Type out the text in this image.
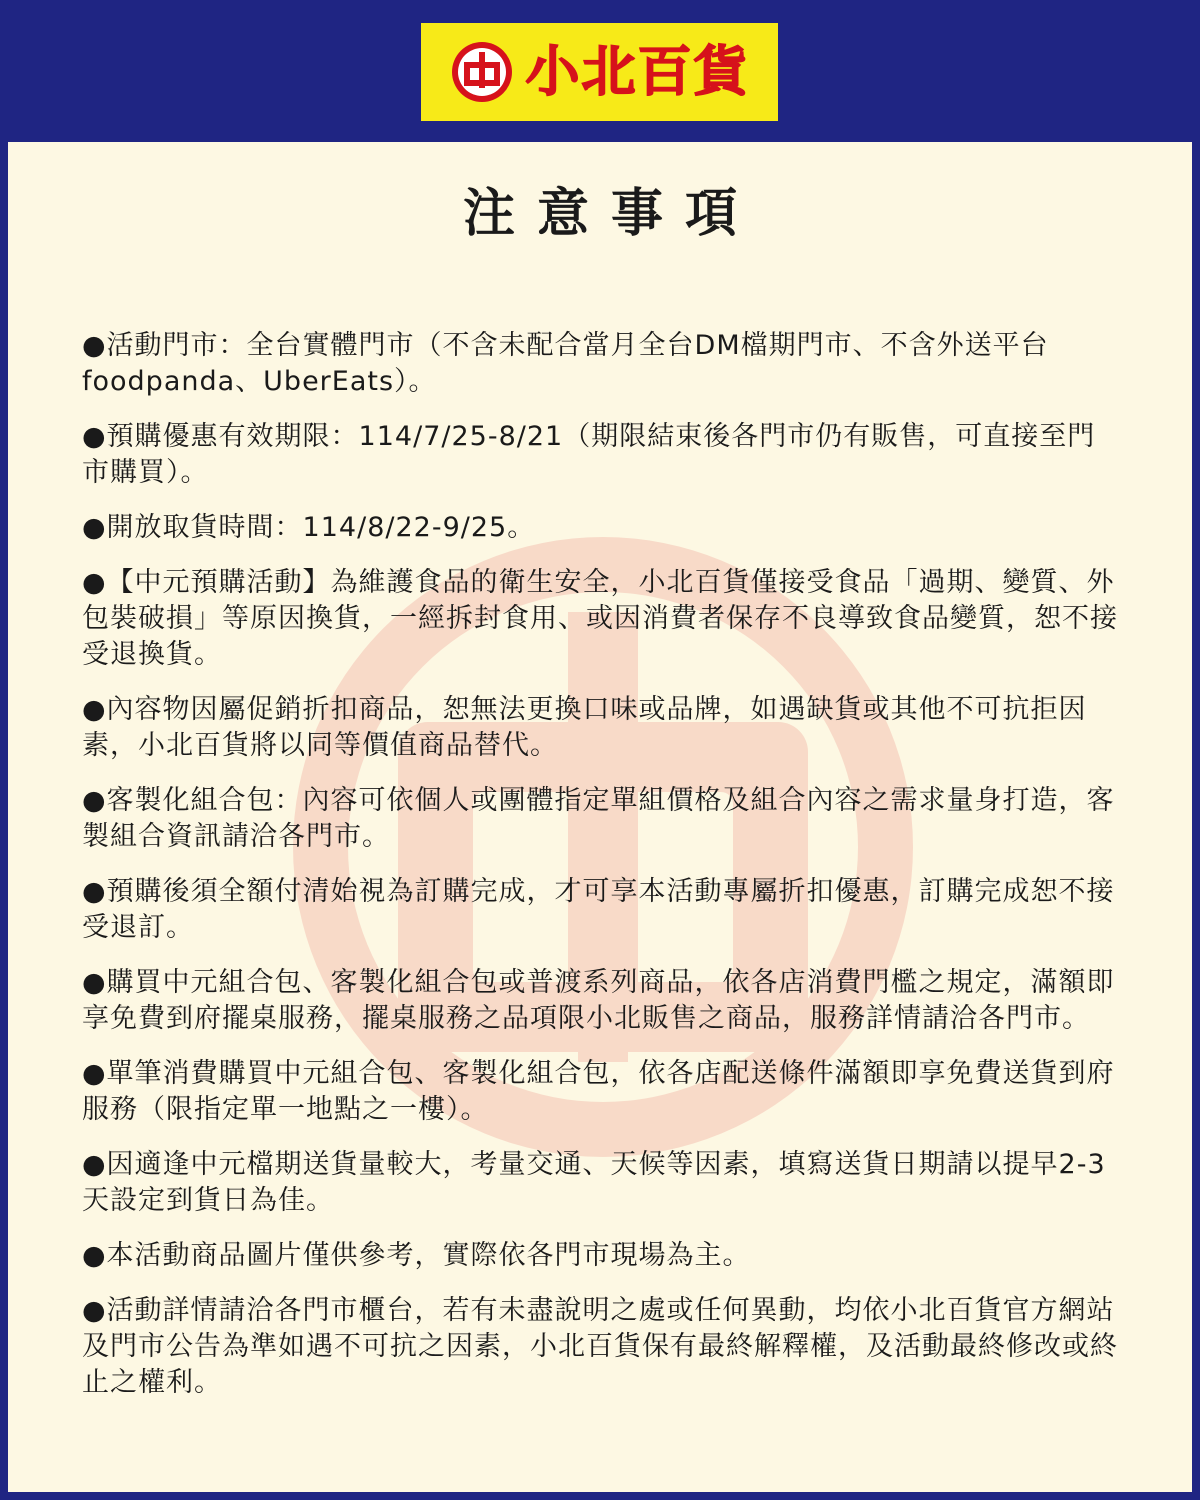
小北百貨
注意事項
●活動門市：全台實體門市（不含未配合當月全台DM檔期門市、不含外送平台foodpanda、UberEats）。
●預購優惠有效期限：114/7/25-8/21（期限結束後各門市仍有販售，可直接至門市購買）。
●開放取貨時間：114/8/22-9/25。
●【中元預購活動】為維護食品的衛生安全，小北百貨僅接受食品「過期、變質、外包裝破損」等原因換貨，一經拆封食用、或因消費者保存不良導致食品變質，恕不接受退換貨。
●內容物因屬促銷折扣商品，恕無法更換口味或品牌，如遇缺貨或其他不可抗拒因素，小北百貨將以同等價值商品替代。
●客製化組合包：內容可依個人或團體指定單組價格及組合內容之需求量身打造，客製組合資訊請洽各門市。
●預購後須全額付清始視為訂購完成，才可享本活動專屬折扣優惠，訂購完成恕不接受退訂。
●購買中元組合包、客製化組合包或普渡系列商品，依各店消費門檻之規定，滿額即享免費到府擺桌服務，擺桌服務之品項限小北販售之商品，服務詳情請洽各門市。
●單筆消費購買中元組合包、客製化組合包，依各店配送條件滿額即享免費送貨到府服務（限指定單一地點之一樓）。
●因適逢中元檔期送貨量較大，考量交通、天候等因素，填寫送貨日期請以提早2-3天設定到貨日為佳。
●本活動商品圖片僅供參考，實際依各門市現場為主。
●活動詳情請洽各門市櫃台，若有未盡說明之處或任何異動，均依小北百貨官方網站及門市公告為準如遇不可抗之因素，小北百貨保有最終解釋權，及活動最終修改或終止之權利。
